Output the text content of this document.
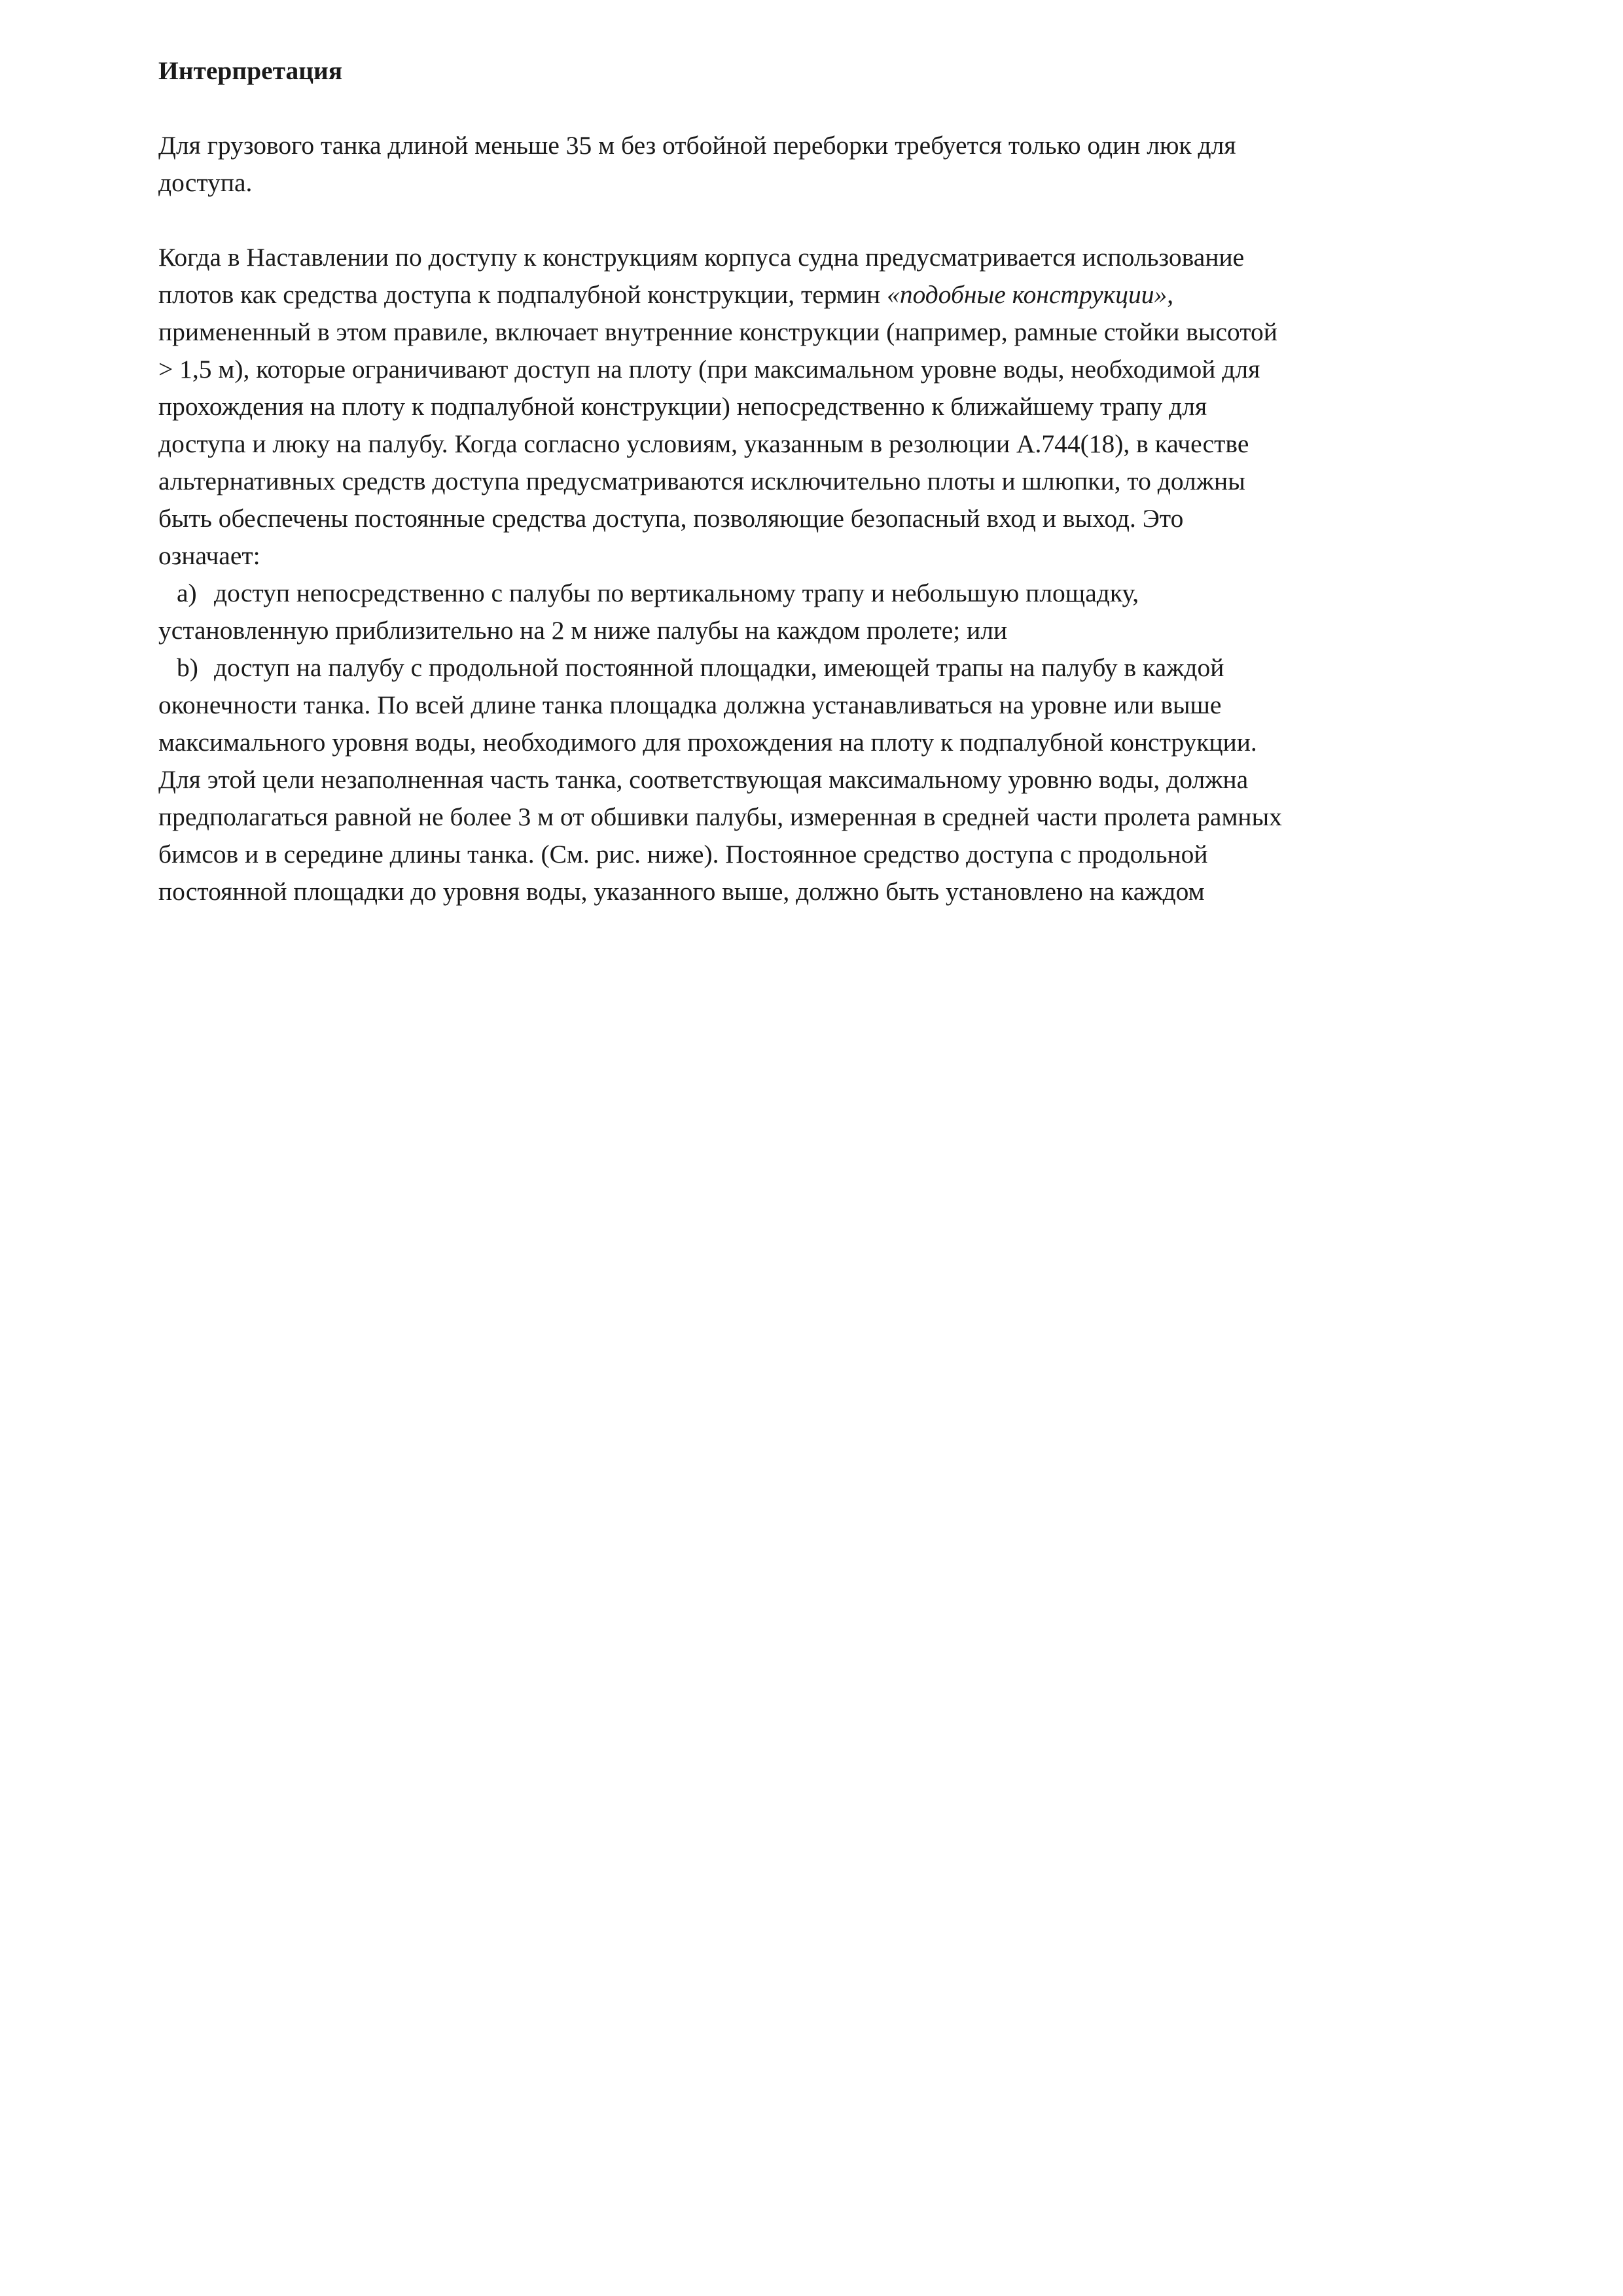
Интерпретация
Для грузового танка длиной меньше 35 м без отбойной переборки требуется только один люк для
доступа.
Когда в Наставлении по доступу к конструкциям корпуса судна предусматривается использование
плотов как средства доступа к подпалубной конструкции, термин «подобные конструкции»,
примененный в этом правиле, включает внутренние конструкции (например, рамные стойки высотой
> 1,5 м), которые ограничивают доступ на плоту (при максимальном уровне воды, необходимой для
прохождения на плоту к подпалубной конструкции) непосредственно к ближайшему трапу для
доступа и люку на палубу. Когда согласно условиям, указанным в резолюции А.744(18), в качестве
альтернативных средств доступа предусматриваются исключительно плоты и шлюпки, то должны
быть обеспечены постоянные средства доступа, позволяющие безопасный вход и выход. Это
означает:
a) доступ непосредственно с палубы по вертикальному трапу и небольшую площадку,
установленную приблизительно на 2 м ниже палубы на каждом пролете; или
b) доступ на палубу с продольной постоянной площадки, имеющей трапы на палубу в каждой
оконечности танка. По всей длине танка площадка должна устанавливаться на уровне или выше
максимального уровня воды, необходимого для прохождения на плоту к подпалубной конструкции.
Для этой цели незаполненная часть танка, соответствующая максимальному уровню воды, должна
предполагаться равной не более 3 м от обшивки палубы, измеренная в средней части пролета рамных
бимсов и в середине длины танка. (См. рис. ниже). Постоянное средство доступа с продольной
постоянной площадки до уровня воды, указанного выше, должно быть установлено на каждом
